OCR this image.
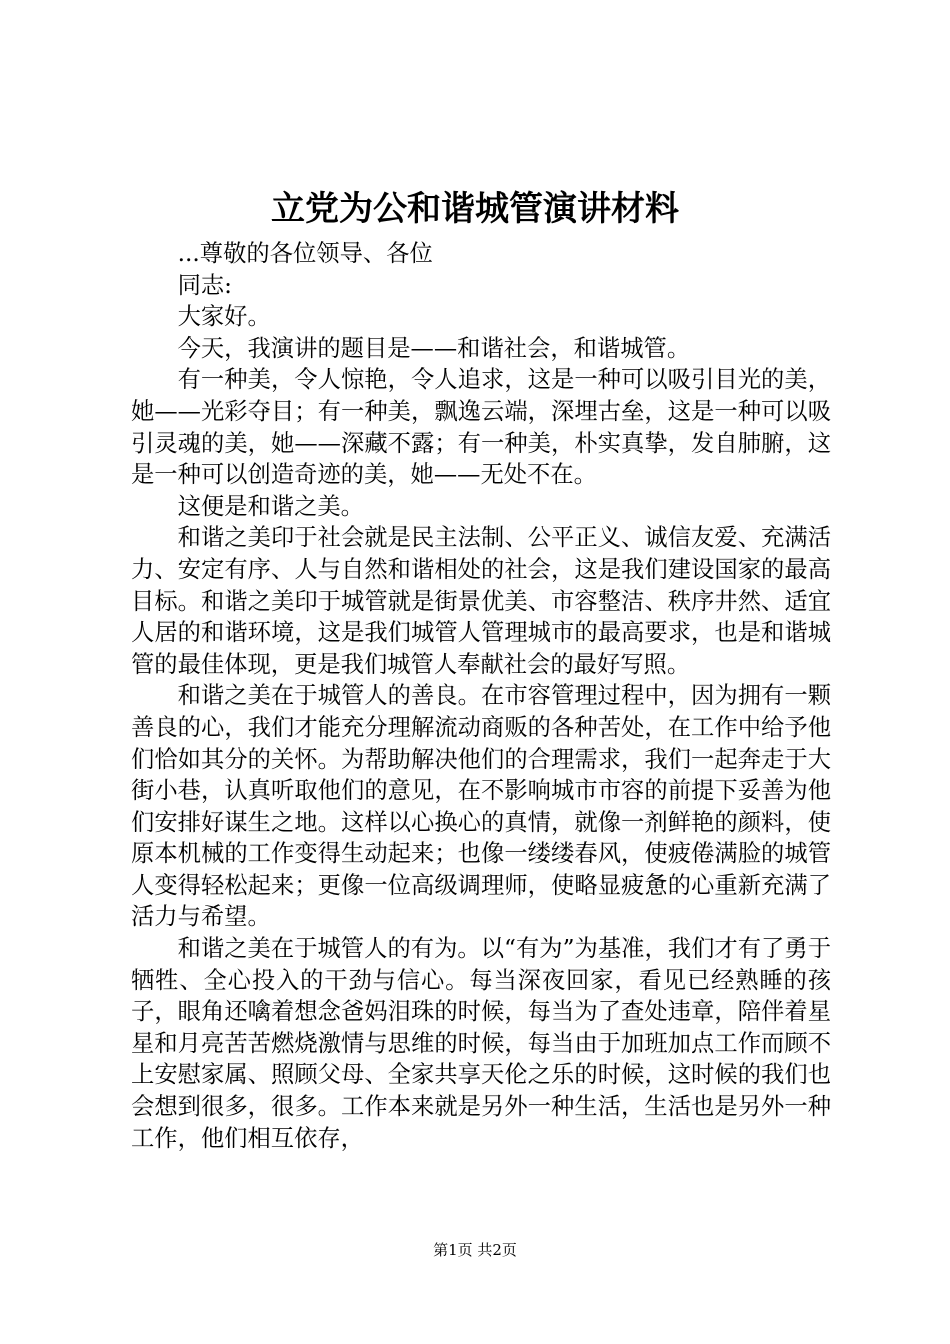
立党为公和谐城管演讲材料

...尊敬的各位领导、各位

同志:

大家好。

今天，我演讲的题目是——和谐社会，和谐城管。

有一种美，令人惊艳，令人追求，这是一种可以吸引目光的美，她——光彩夺目；有一种美，飘逸云端，深埋古垒，这是一种可以吸引灵魂的美，她——深藏不露；有一种美，朴实真挚，发自肺腑，这是一种可以创造奇迹的美，她——无处不在。

这便是和谐之美。

和谐之美印于社会就是民主法制、公平正义、诚信友爱、充满活力、安定有序、人与自然和谐相处的社会，这是我们建设国家的最高目标。和谐之美印于城管就是街景优美、市容整洁、秩序井然、适宜人居的和谐环境，这是我们城管人管理城市的最高要求，也是和谐城管的最佳体现，更是我们城管人奉献社会的最好写照。

和谐之美在于城管人的善良。在市容管理过程中，因为拥有一颗善良的心，我们才能充分理解流动商贩的各种苦处，在工作中给予他们恰如其分的关怀。为帮助解决他们的合理需求，我们一起奔走于大街小巷，认真听取他们的意见，在不影响城市市容的前提下妥善为他们安排好谋生之地。这样以心换心的真情，就像一剂鲜艳的颜料，使原本机械的工作变得生动起来；也像一缕缕春风，使疲倦满脸的城管人变得轻松起来；更像一位高级调理师，使略显疲惫的心重新充满了活力与希望。

和谐之美在于城管人的有为。以“有为”为基准，我们才有了勇于牺牲、全心投入的干劲与信心。每当深夜回家，看见已经熟睡的孩子，眼角还噙着想念爸妈泪珠的时候，每当为了查处违章，陪伴着星星和月亮苦苦燃烧激情与思维的时候，每当由于加班加点工作而顾不上安慰家属、照顾父母、全家共享天伦之乐的时候，这时候的我们也会想到很多，很多。工作本来就是另外一种生活，生活也是另外一种工作，他们相互依存，

第1页 共2页
